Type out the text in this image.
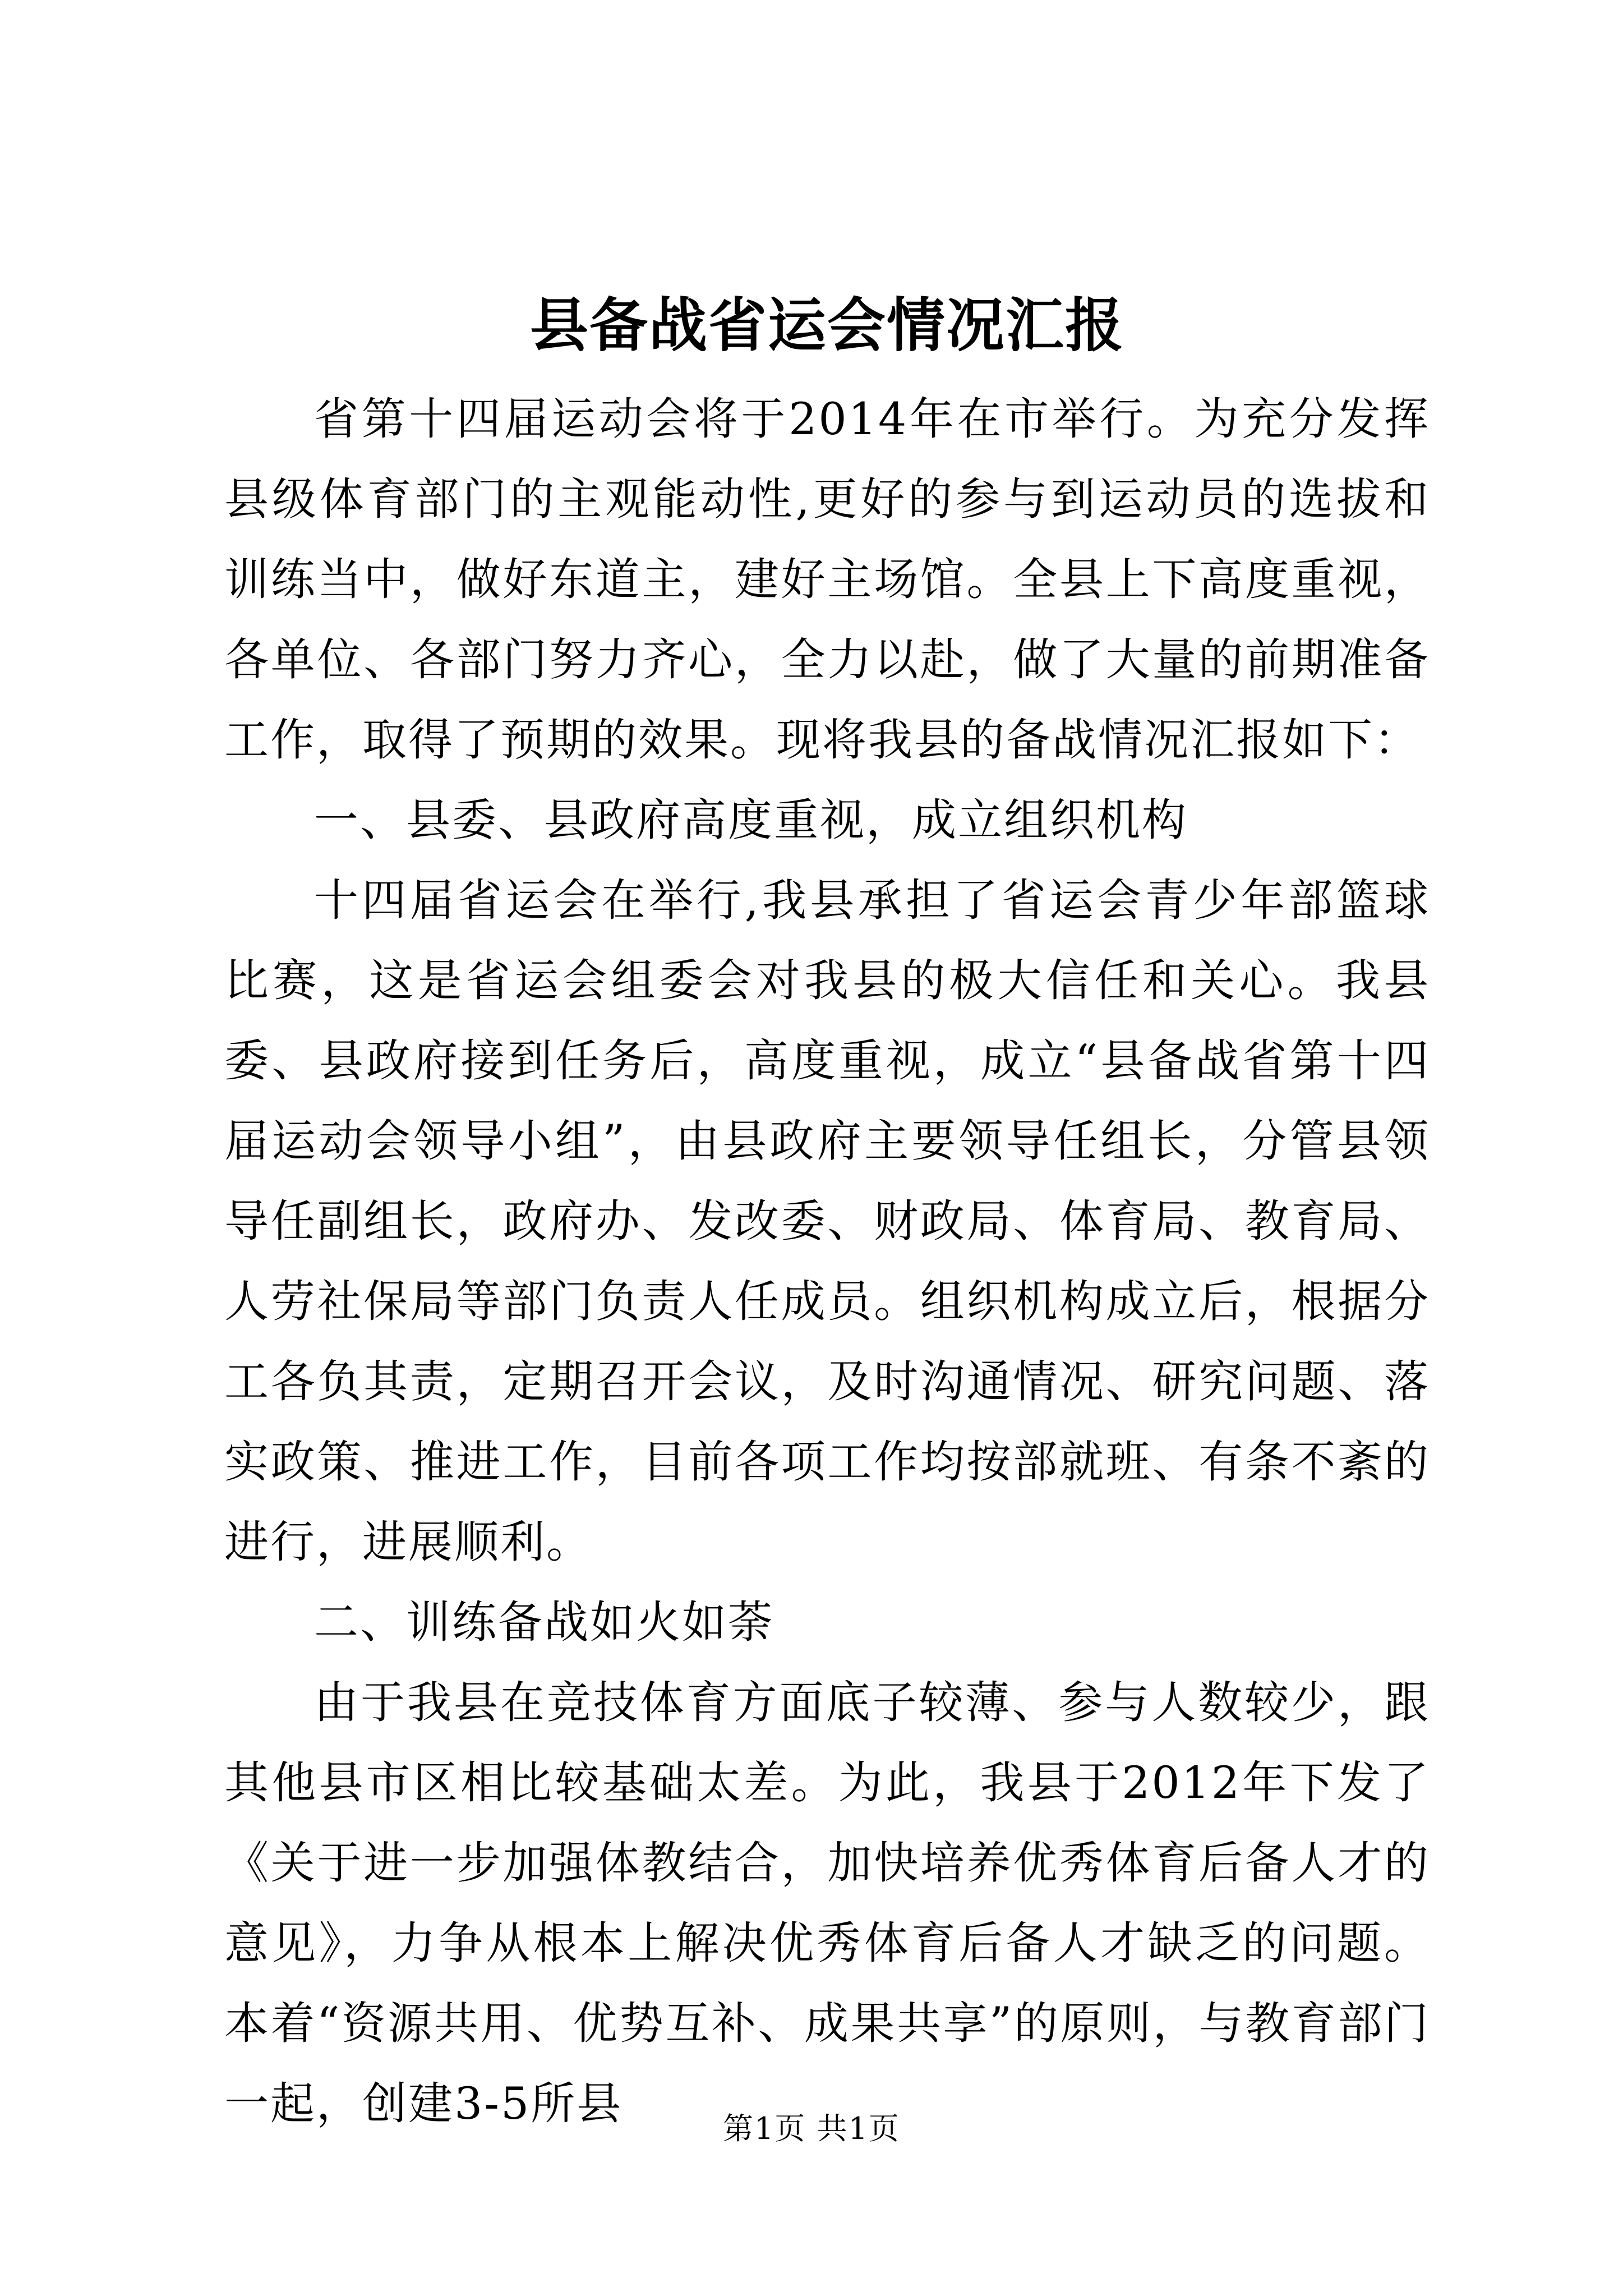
县备战省运会情况汇报

省第十四届运动会将于2014年在市举行。为充分发挥县级体育部门的主观能动性,更好的参与到运动员的选拔和训练当中，做好东道主，建好主场馆。全县上下高度重视，各单位、各部门努力齐心，全力以赴，做了大量的前期准备工作，取得了预期的效果。现将我县的备战情况汇报如下：

一、县委、县政府高度重视，成立组织机构

十四届省运会在举行,我县承担了省运会青少年部篮球比赛，这是省运会组委会对我县的极大信任和关心。我县委、县政府接到任务后，高度重视，成立“县备战省第十四届运动会领导小组”，由县政府主要领导任组长，分管县领导任副组长，政府办、发改委、财政局、体育局、教育局、人劳社保局等部门负责人任成员。组织机构成立后，根据分工各负其责，定期召开会议，及时沟通情况、研究问题、落实政策、推进工作，目前各项工作均按部就班、有条不紊的进行，进展顺利。

二、训练备战如火如荼

由于我县在竞技体育方面底子较薄、参与人数较少，跟其他县市区相比较基础太差。为此，我县于2012年下发了《关于进一步加强体教结合，加快培养优秀体育后备人才的意见》，力争从根本上解决优秀体育后备人才缺乏的问题。本着“资源共用、优势互补、成果共享”的原则，与教育部门一起，创建3-5所县	第1页 共1页
